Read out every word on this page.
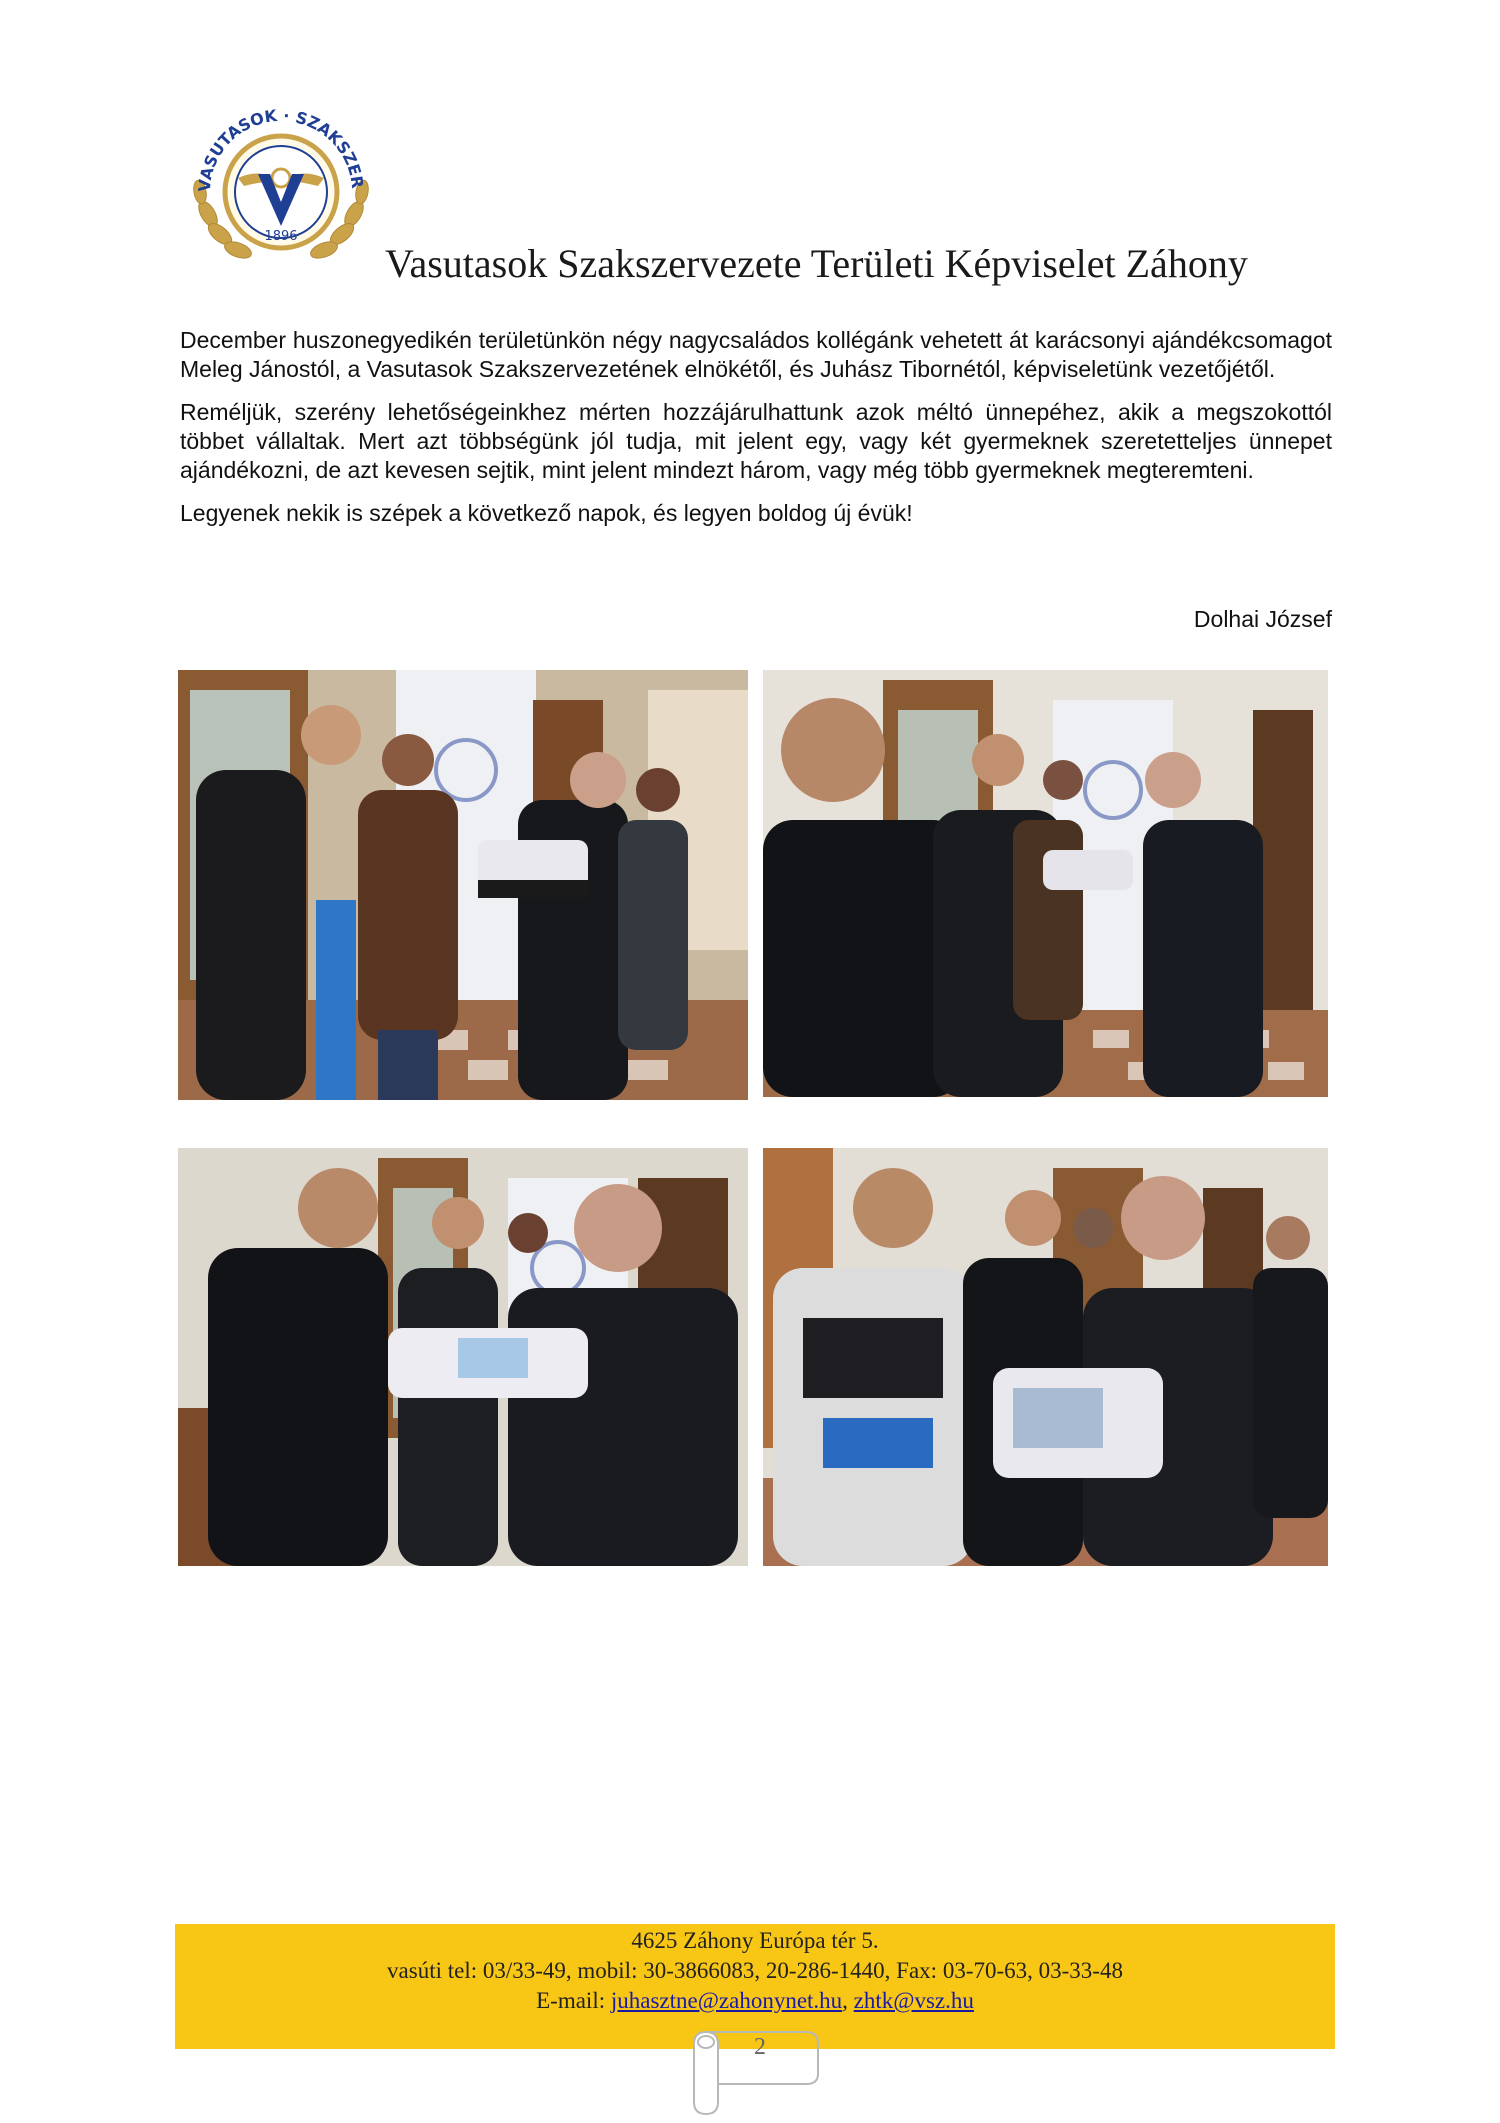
VASUTASOK · SZAKSZER
1896
Vasutasok Szakszervezete Területi Képviselet Záhony

December huszonegyedikén területünkön négy nagycsaládos kollégánk vehetett át karácsonyi ajándékcsomagot Meleg Jánostól, a Vasutasok Szakszervezetének elnökétől, és Juhász Tibornétól, képviseletünk vezetőjétől.

Reméljük, szerény lehetőségeinkhez mérten hozzájárulhattunk azok méltó ünnepéhez, akik a megszokottól többet vállaltak. Mert azt többségünk jól tudja, mit jelent egy, vagy két gyermeknek szeretetteljes ünnepet ajándékozni, de azt kevesen sejtik, mint jelent mindezt három, vagy még több gyermeknek megteremteni.

Legyenek nekik is szépek a következő napok, és legyen boldog új évük!

Dolhai József
4625 Záhony Európa tér 5.
vasúti tel: 03/33-49, mobil: 30-3866083, 20-286-1440, Fax: 03-70-63, 03-33-48
E-mail: juhasztne@zahonynet.hu, zhtk@vsz.hu
2
